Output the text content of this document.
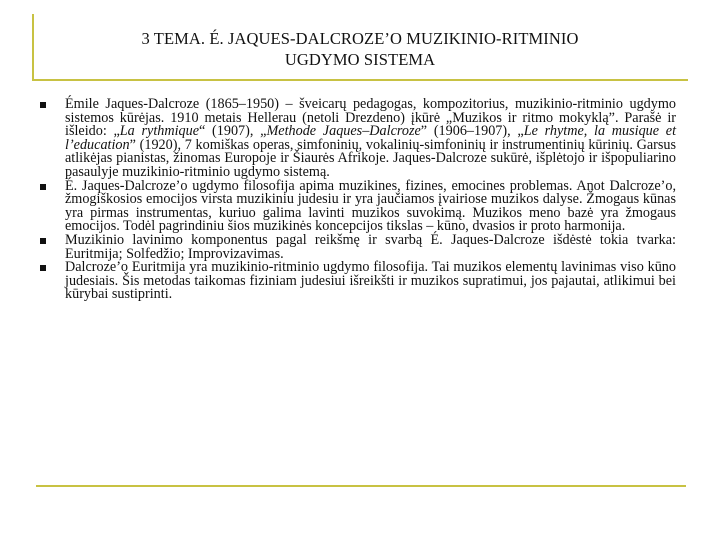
3 TEMA. É. JAQUES-DALCROZE’O MUZIKINIO-RITMINIO
UGDYMO SISTEMA
Émile Jaques-Dalcroze (1865–1950) – šveicarų pedagogas, kompozitorius, muzikinio-ritminio ugdymo sistemos kūrėjas. 1910 metais Hellerau (netoli Drezdeno) įkūrė „Muzikos ir ritmo mokyklą”. Parašė ir išleido: „La rythmique“ (1907), „Methode Jaques–Dalcroze” (1906–1907), „Le rhytme, la musique et l’education” (1920), 7 komiškas operas, simfoninių, vokalinių-simfoninių ir instrumentinių kūrinių. Garsus atlikėjas pianistas, žinomas Europoje ir Šiaurės Afrikoje. Jaques-Dalcroze sukūrė, išplėtojo ir išpopuliarino pasaulyje muzikinio-ritminio ugdymo sistemą.
É. Jaques-Dalcroze’o ugdymo filosofija apima muzikines, fizines, emocines problemas. Anot Dalcroze’o, žmogiškosios emocijos virsta muzikiniu judesiu ir yra jaučiamos įvairiose muzikos dalyse. Žmogaus kūnas yra pirmas instrumentas, kuriuo galima lavinti muzikos suvokimą. Muzikos meno bazė yra žmogaus emocijos. Todėl pagrindiniu šios muzikinės koncepcijos tikslas – kūno, dvasios ir proto harmonija.
Muzikinio lavinimo komponentus pagal reikšmę ir svarbą É. Jaques-Dalcroze išdėstė tokia tvarka: Euritmija; Solfedžio; Improvizavimas.
Dalcroze’o Euritmija yra muzikinio-ritminio ugdymo filosofija. Tai muzikos elementų lavinimas viso kūno judesiais. Šis metodas taikomas fiziniam judesiui išreikšti ir muzikos supratimui, jos pajautai, atlikimui bei kūrybai sustiprinti.
